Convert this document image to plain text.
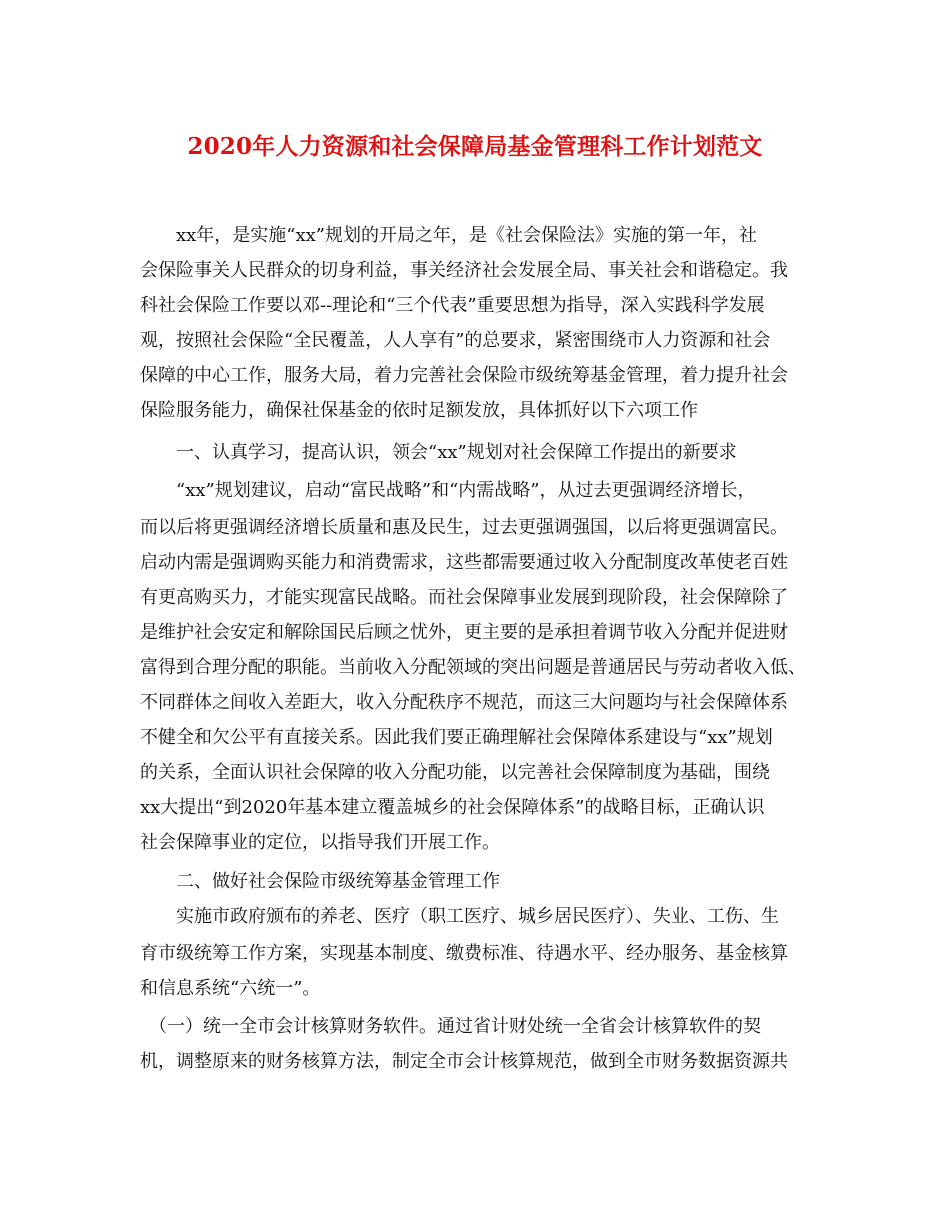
2020年人力资源和社会保障局基金管理科工作计划范文
　　xx年，是实施“xx”规划的开局之年，是《社会保险法》实施的第一年，社
会保险事关人民群众的切身利益，事关经济社会发展全局、事关社会和谐稳定。我
科社会保险工作要以邓--理论和“三个代表”重要思想为指导，深入实践科学发展
观，按照社会保险“全民覆盖，人人享有”的总要求，紧密围绕市人力资源和社会
保障的中心工作，服务大局，着力完善社会保险市级统筹基金管理，着力提升社会
保险服务能力，确保社保基金的依时足额发放，具体抓好以下六项工作
　　一、认真学习，提高认识，领会“xx”规划对社会保障工作提出的新要求
　　“xx”规划建议，启动“富民战略”和“内需战略”，从过去更强调经济增长，
而以后将更强调经济增长质量和惠及民生，过去更强调强国，以后将更强调富民。
启动内需是强调购买能力和消费需求，这些都需要通过收入分配制度改革使老百姓
有更高购买力，才能实现富民战略。而社会保障事业发展到现阶段，社会保障除了
是维护社会安定和解除国民后顾之忧外，更主要的是承担着调节收入分配并促进财
富得到合理分配的职能。当前收入分配领域的突出问题是普通居民与劳动者收入低、
不同群体之间收入差距大，收入分配秩序不规范，而这三大问题均与社会保障体系
不健全和欠公平有直接关系。因此我们要正确理解社会保障体系建设与“xx”规划
的关系，全面认识社会保障的收入分配功能，以完善社会保障制度为基础，围绕
xx大提出“到2020年基本建立覆盖城乡的社会保障体系”的战略目标，正确认识
社会保障事业的定位，以指导我们开展工作。
　　二、做好社会保险市级统筹基金管理工作
　　实施市政府颁布的养老、医疗（职工医疗、城乡居民医疗）、失业、工伤、生
育市级统筹工作方案，实现基本制度、缴费标准、待遇水平、经办服务、基金核算
和信息系统“六统一”。
　（一）统一全市会计核算财务软件。通过省计财处统一全省会计核算软件的契
机，调整原来的财务核算方法，制定全市会计核算规范，做到全市财务数据资源共
